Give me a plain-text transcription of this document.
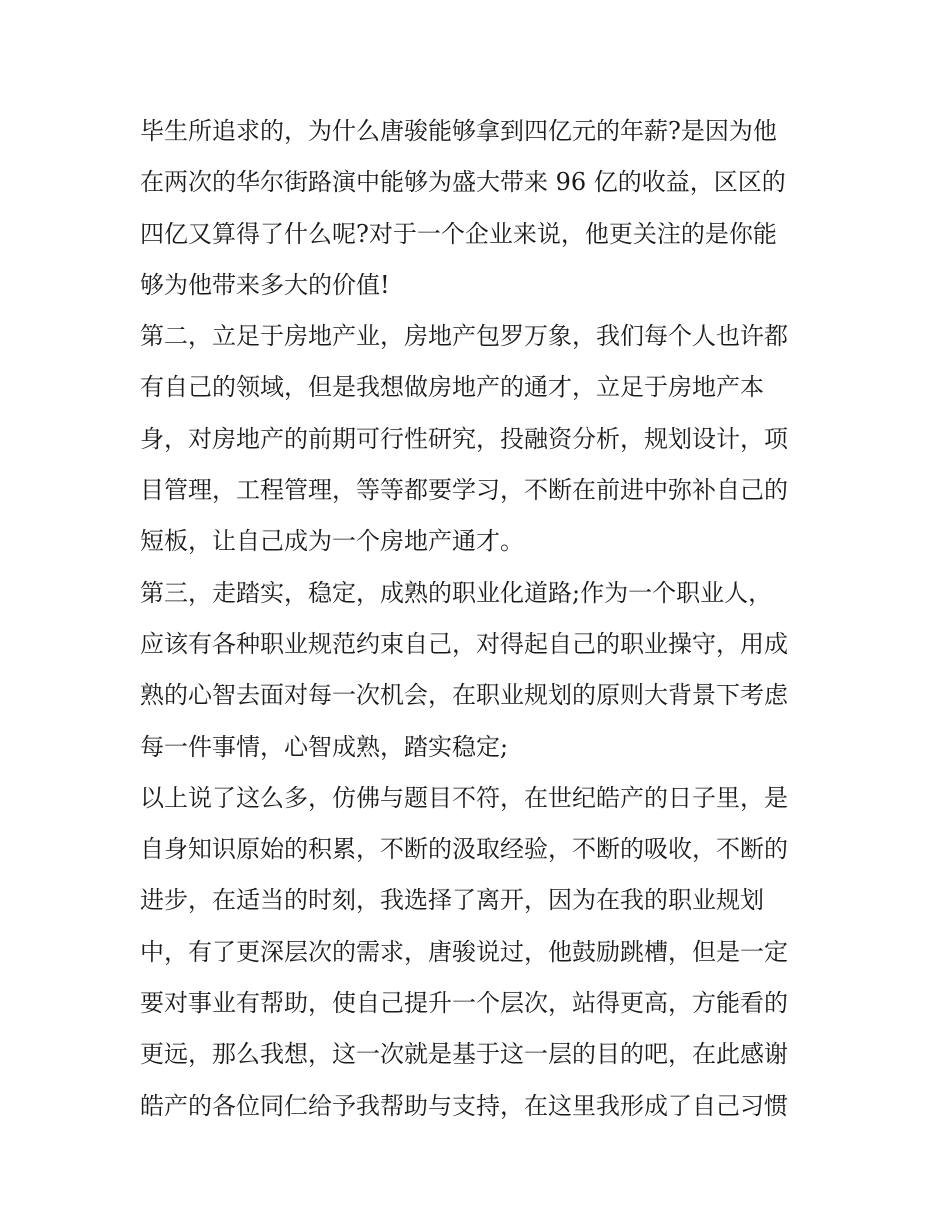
毕生所追求的，为什么唐骏能够拿到四亿元的年薪?是因为他
在两次的华尔街路演中能够为盛大带来 96 亿的收益，区区的
四亿又算得了什么呢?对于一个企业来说，他更关注的是你能
够为他带来多大的价值!
第二，立足于房地产业，房地产包罗万象，我们每个人也许都
有自己的领域，但是我想做房地产的通才，立足于房地产本
身，对房地产的前期可行性研究，投融资分析，规划设计，项
目管理，工程管理，等等都要学习，不断在前进中弥补自己的
短板，让自己成为一个房地产通才。
第三，走踏实，稳定，成熟的职业化道路;作为一个职业人，
应该有各种职业规范约束自己，对得起自己的职业操守，用成
熟的心智去面对每一次机会，在职业规划的原则大背景下考虑
每一件事情，心智成熟，踏实稳定;
以上说了这么多，仿佛与题目不符，在世纪皓产的日子里，是
自身知识原始的积累，不断的汲取经验，不断的吸收，不断的
进步，在适当的时刻，我选择了离开，因为在我的职业规划
中，有了更深层次的需求，唐骏说过，他鼓励跳槽，但是一定
要对事业有帮助，使自己提升一个层次，站得更高，方能看的
更远，那么我想，这一次就是基于这一层的目的吧，在此感谢
皓产的各位同仁给予我帮助与支持，在这里我形成了自己习惯
